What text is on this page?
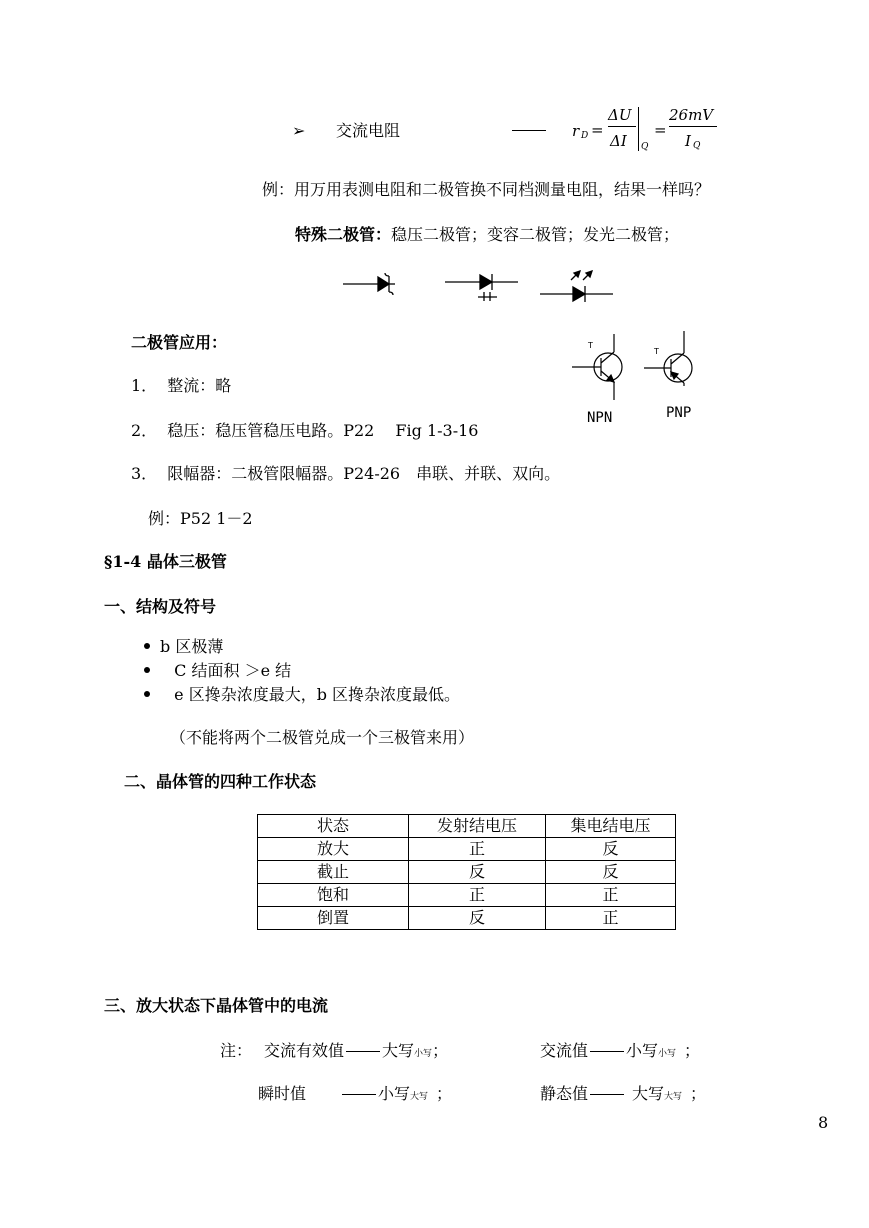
➢ 交流电阻	r D =
ΔU
ΔI Q
=
26mV
I Q
例：用万用表测电阻和二极管换不同档测量电阻，结果一样吗？
特殊二极管：稳压二极管；变容二极管；发光二极管；
T
T
NPN	PNP
二极管应用：
1． 整流：略
2． 稳压：稳压管稳压电路。P22　 Fig 1-3-16
3． 限幅器：二极管限幅器。P24-26　串联、并联、双向。
例：P52 1－2
§1-4 晶体三极管
一、结构及符号
b 区极薄
C 结面积 ＞e 结
e 区搀杂浓度最大，b 区搀杂浓度最低。
（不能将两个二极管兑成一个三极管来用）
二、晶体管的四种工作状态
状态	发射结电压	集电结电压
放大	正	反
截止	反	反
饱和	正	正
倒置	反	正
三、放大状态下晶体管中的电流
注： 交流有效值 大写小写；	交流值 小写小写 ；
瞬时值	小写大写 ；	静态值	大写大写 ；
8
